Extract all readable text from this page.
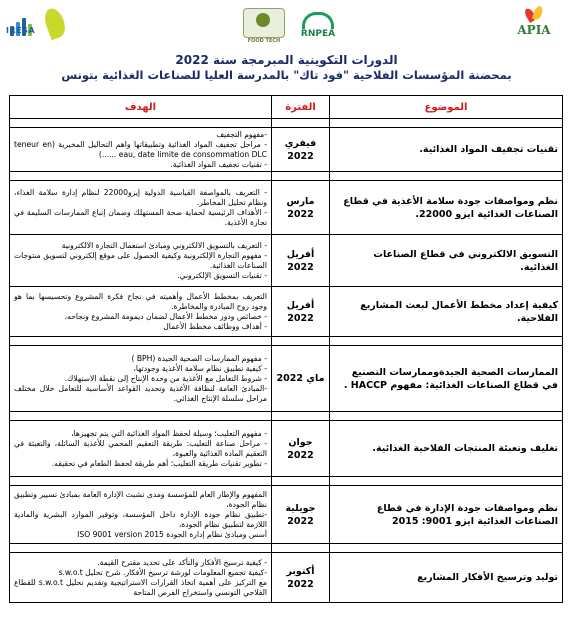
IRESA
FOOD TECH
RNPEA	APIA
الدورات التكوينية المبرمجة سنة 2022
بمحضنة المؤسسات الفلاحية "فود تاك" بالمدرسة العليا للصناعات الغذائية بتونس
الموضوع	الفترة	الهدف

تقنيات تجفيف المواد الغذائية.	فيفري 2022	-مفهوم التجفيف
- مراحل تجفيف المواد الغذائية وتطبيقاتها واهم التحاليل المخبرية (teneur en eau, date limite de consommation DLC ......)
- تقنيات تجفيف المواد الغذائية.

نظم ومواصفات جودة سلامة الأغذية في قطاع الصناعات الغذائية ايزو 22000.	مارس 2022	- التعريف بالمواصفة القياسية الدولية إيزو22000 لنظام إدارة سلامة الغذاء، ونظام تحليل المخاطر.
- الأهداف الرئيسية لحماية صحة المستهلك وضمان إتباع الممارسات السليمة في تجارة الأغذية.

التسويق الالكتروني في قطاع الصناعات الغذائية.	أفريل 2022	- التعريف بالتسويق الالكتروني ومبادئ استعمال التجارة الالكترونية
- مفهوم التجارة الإلكترونية وكيفية الحصول على موقع إلكتروني لتسويق منتوجات الصناعات الغذائية.
- تقنيات التسويق الإلكتروني.

كيفية إعداد مخطط الأعمال لبعث المشاريع الفلاحية.	أفريل 2022	التعريف بمخطط الأعمال وأهميته في نجاح فكرة المشروع وتحسيسها بما هو وجود روح المبادرة والمخاطرة.
- خصائص ودور مخطط الأعمال لضمان ديمومة المشروع ونجاحه،
- أهداف ووظائف مخطط الأعمال

الممارسات الصحية الجيدةوممارسات التصنيع في قطاع الصناعات الغذائية: مفهوم HACCP .	ماي 2022	- مفهوم الممارسات الصحية الجيدة (BPH )
- كيفية تطبيق نظام سلامة الأغذية وجودتها،
- شروط التعامل مع الأغذية من وحدة الإنتاج إلى نقطة الاستهلاك.
-المبادئ العامة لنظافة الأغذية وتحديد القواعد الأساسية للتعامل خلال مختلف مراحل سلسلة الإنتاج الغذائي.

تغليف وتعبئة المنتجات الفلاحية الغذائية.	جوان 2022	- مفهوم التعليب؛ وسيلة لحفظ المواد الغذائية التي يتم تجهيزها،
- مراحل صناعة التعليب: طريقة التعقيم المحمي للأغذية السائلة، والتعبئة في التعقيم المادة الغذائية والعبوة،
- تطوير تقنيات طريقة التعليب؛ أهم طريقة لحفظ الطعام في تحقيقه.

نظم ومواصفات جودة الإدارة في قطاع الصناعات الغذائية ايزو 9001: 2015	جويلية 2022	المفهوم والإطار العام للمؤسسة ومدى تشبث الإدارة العامة بمبادئ تسيير وتطبيق نظام الجودة،
-تطبيق نظام جودة الإدارة داخل المؤسسة، وتوفير الموارد البشرية والمادية اللازمة لتطبيق نظام الجودة،
أسس ومبادئ نظام إدارة الجودة ISO 9001 version 2015

توليد وترسيخ الأفكار المشاريع	أكتوبر 2022	- كيفية ترسيخ الأفكار والتأكد على تحديد مقترح القيمة.
-كيفية تجميع المعلومات لورشة ترسيخ الأفكار. شرح تحليل s.w.o.t
مع التركيز على أهمية اتخاذ القرارات الاستراتيجية وتقديم تحليل s.w.o.t للقطاع الفلاحي التونسي واستخراج الفرص المتاحة
